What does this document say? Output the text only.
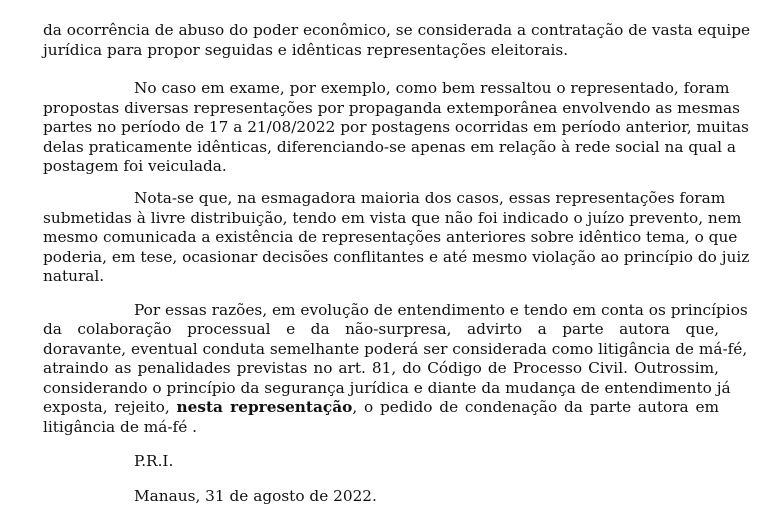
da ocorrência de abuso do poder econômico, se considerada a contratação de vasta equipe
jurídica para propor seguidas e idênticas representações eleitorais.
No caso em exame, por exemplo, como bem ressaltou o representado, foram
propostas diversas representações por propaganda extemporânea envolvendo as mesmas
partes no período de 17 a 21/08/2022 por postagens ocorridas em período anterior, muitas
delas praticamente idênticas, diferenciando-se apenas em relação à rede social na qual a
postagem foi veiculada.
Nota-se que, na esmagadora maioria dos casos, essas representações foram
submetidas à livre distribuição, tendo em vista que não foi indicado o juízo prevento, nem
mesmo comunicada a existência de representações anteriores sobre idêntico tema, o que
poderia, em tese, ocasionar decisões conflitantes e até mesmo violação ao princípio do juiz
natural.
Por essas razões, em evolução de entendimento e tendo em conta os princípios
da colaboração processual e da não-surpresa, advirto a parte autora que,
doravante, eventual conduta semelhante poderá ser considerada como litigância de má-fé,
atraindo as penalidades previstas no art. 81, do Código de Processo Civil. Outrossim,
considerando o princípio da segurança jurídica e diante da mudança de entendimento já
exposta, rejeito, nesta representação, o pedido de condenação da parte autora em
litigância de má-fé .
P.R.I.
Manaus, 31 de agosto de 2022.
